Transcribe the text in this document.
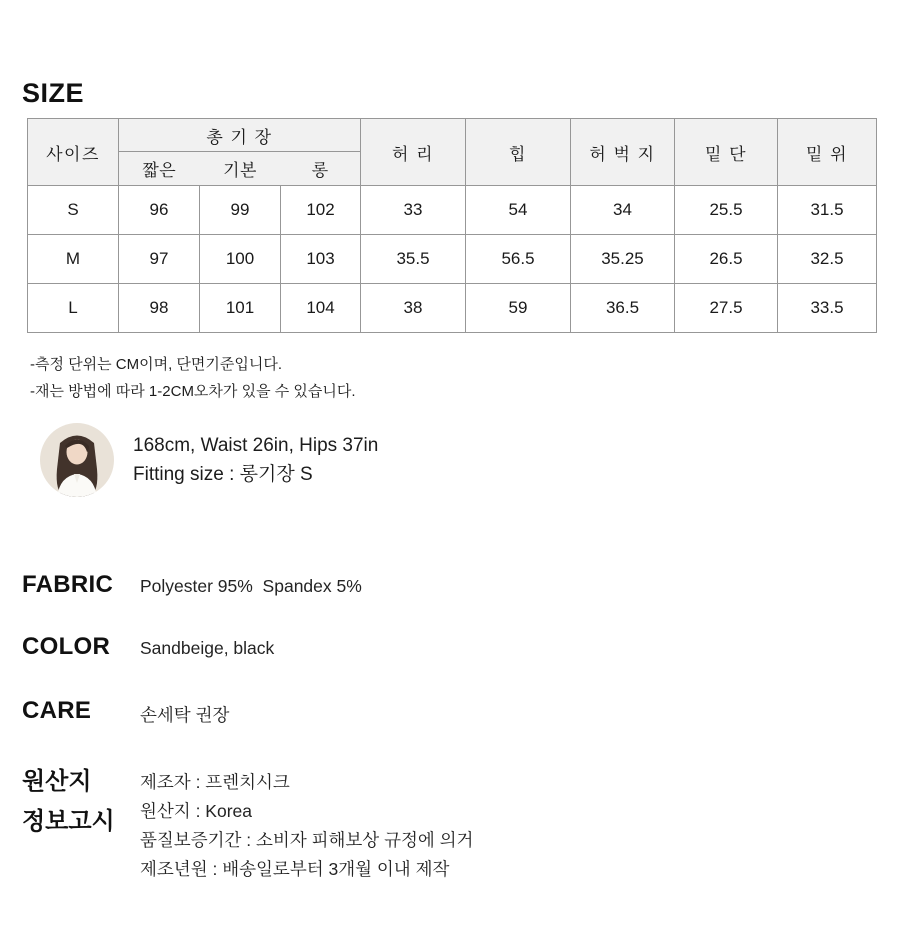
SIZE
사이즈	총 기 장			허 리	힙	허 벅 지	밑 단	밑 위
	짧은	기본	롱					
S	96	99	102	33	54	34	25.5	31.5
M	97	100	103	35.5	56.5	35.25	26.5	32.5
L	98	101	104	38	59	36.5	27.5	33.5
-측정 단위는 CM이며, 단면기준입니다.
-재는 방법에 따라 1-2CM오차가 있을 수 있습니다.
168cm, Waist 26in, Hips 37in
Fitting size : 롱기장 S
FABRIC Polyester 95%  Spandex 5%
COLOR Sandbeige, black
CARE	손세탁 권장
원산지
정보고시
제조자 : 프렌치시크
원산지 : Korea
품질보증기간 : 소비자 피해보상 규정에 의거
제조년원 : 배송일로부터 3개월 이내 제작
